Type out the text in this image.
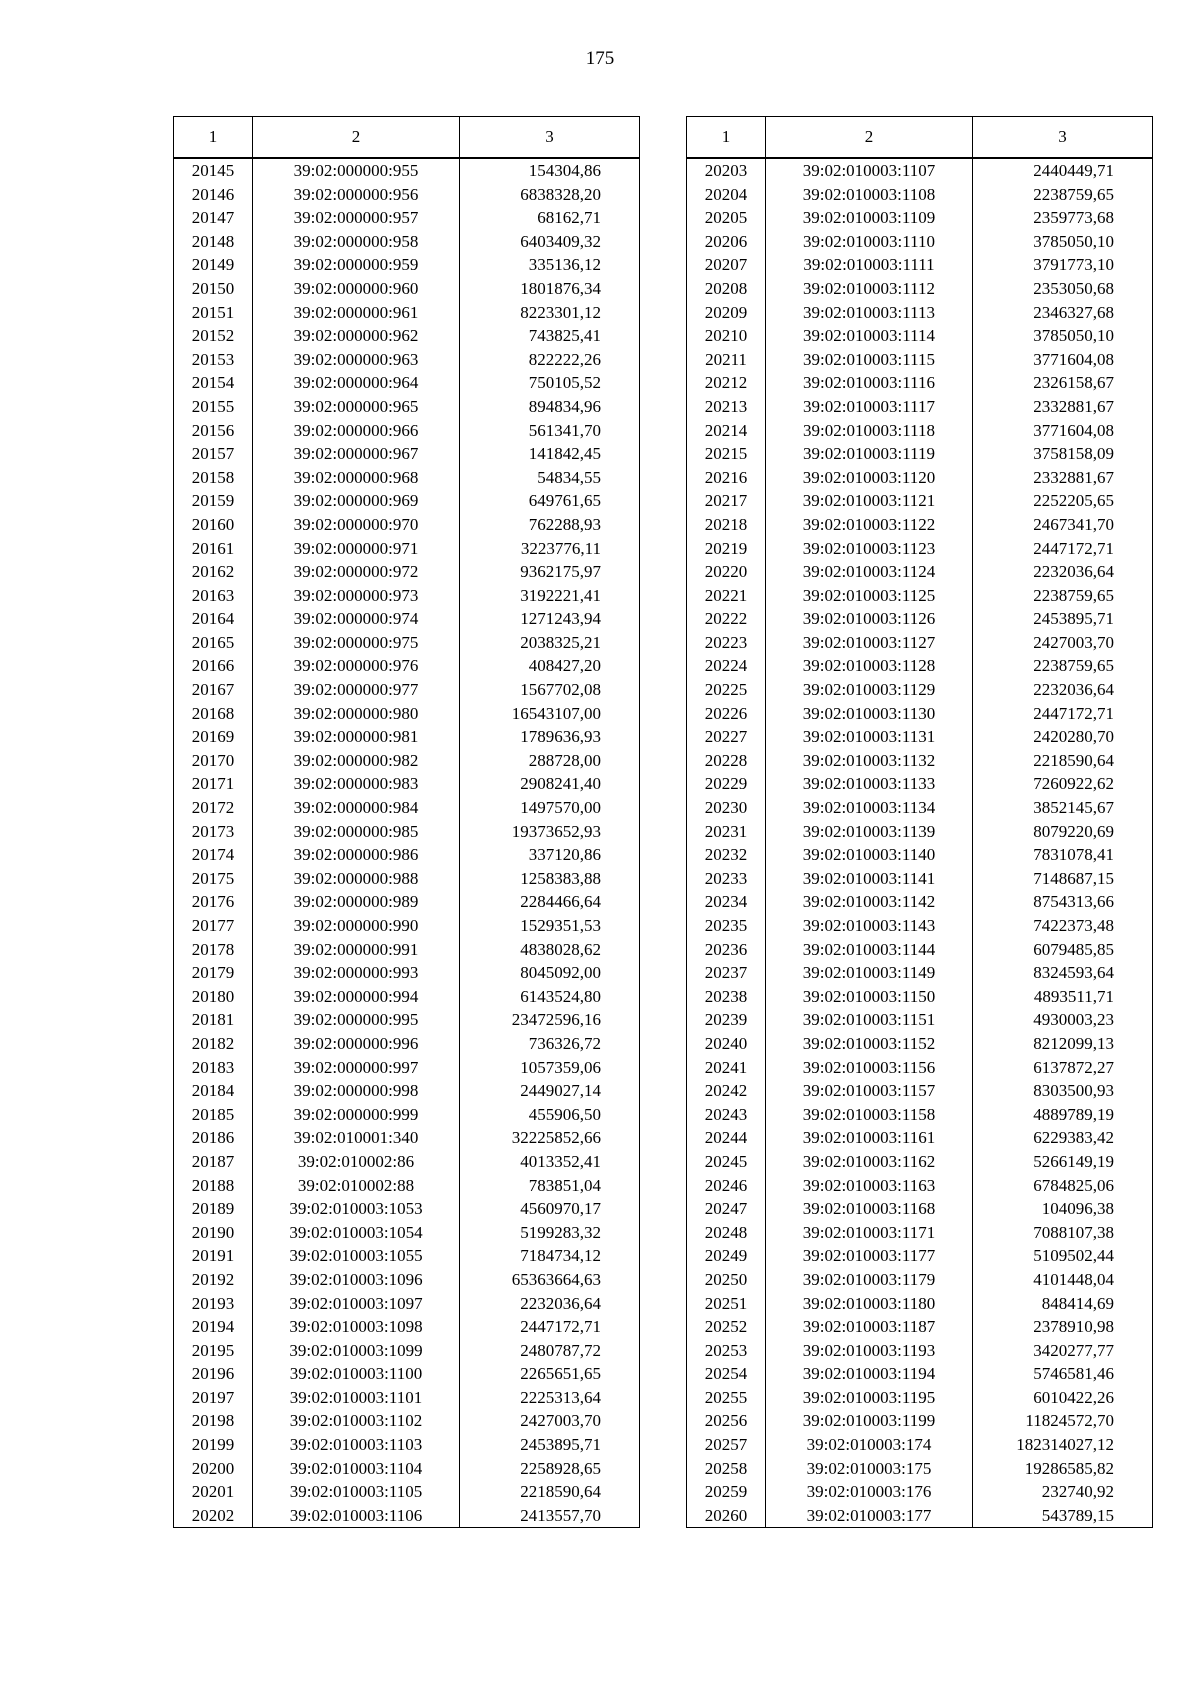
175
1	2	3
20145	39:02:000000:955	154304,86
20146	39:02:000000:956	6838328,20
20147	39:02:000000:957	68162,71
20148	39:02:000000:958	6403409,32
20149	39:02:000000:959	335136,12
20150	39:02:000000:960	1801876,34
20151	39:02:000000:961	8223301,12
20152	39:02:000000:962	743825,41
20153	39:02:000000:963	822222,26
20154	39:02:000000:964	750105,52
20155	39:02:000000:965	894834,96
20156	39:02:000000:966	561341,70
20157	39:02:000000:967	141842,45
20158	39:02:000000:968	54834,55
20159	39:02:000000:969	649761,65
20160	39:02:000000:970	762288,93
20161	39:02:000000:971	3223776,11
20162	39:02:000000:972	9362175,97
20163	39:02:000000:973	3192221,41
20164	39:02:000000:974	1271243,94
20165	39:02:000000:975	2038325,21
20166	39:02:000000:976	408427,20
20167	39:02:000000:977	1567702,08
20168	39:02:000000:980	16543107,00
20169	39:02:000000:981	1789636,93
20170	39:02:000000:982	288728,00
20171	39:02:000000:983	2908241,40
20172	39:02:000000:984	1497570,00
20173	39:02:000000:985	19373652,93
20174	39:02:000000:986	337120,86
20175	39:02:000000:988	1258383,88
20176	39:02:000000:989	2284466,64
20177	39:02:000000:990	1529351,53
20178	39:02:000000:991	4838028,62
20179	39:02:000000:993	8045092,00
20180	39:02:000000:994	6143524,80
20181	39:02:000000:995	23472596,16
20182	39:02:000000:996	736326,72
20183	39:02:000000:997	1057359,06
20184	39:02:000000:998	2449027,14
20185	39:02:000000:999	455906,50
20186	39:02:010001:340	32225852,66
20187	39:02:010002:86	4013352,41
20188	39:02:010002:88	783851,04
20189	39:02:010003:1053	4560970,17
20190	39:02:010003:1054	5199283,32
20191	39:02:010003:1055	7184734,12
20192	39:02:010003:1096	65363664,63
20193	39:02:010003:1097	2232036,64
20194	39:02:010003:1098	2447172,71
20195	39:02:010003:1099	2480787,72
20196	39:02:010003:1100	2265651,65
20197	39:02:010003:1101	2225313,64
20198	39:02:010003:1102	2427003,70
20199	39:02:010003:1103	2453895,71
20200	39:02:010003:1104	2258928,65
20201	39:02:010003:1105	2218590,64
20202	39:02:010003:1106	2413557,70
1	2	3
20203	39:02:010003:1107	2440449,71
20204	39:02:010003:1108	2238759,65
20205	39:02:010003:1109	2359773,68
20206	39:02:010003:1110	3785050,10
20207	39:02:010003:1111	3791773,10
20208	39:02:010003:1112	2353050,68
20209	39:02:010003:1113	2346327,68
20210	39:02:010003:1114	3785050,10
20211	39:02:010003:1115	3771604,08
20212	39:02:010003:1116	2326158,67
20213	39:02:010003:1117	2332881,67
20214	39:02:010003:1118	3771604,08
20215	39:02:010003:1119	3758158,09
20216	39:02:010003:1120	2332881,67
20217	39:02:010003:1121	2252205,65
20218	39:02:010003:1122	2467341,70
20219	39:02:010003:1123	2447172,71
20220	39:02:010003:1124	2232036,64
20221	39:02:010003:1125	2238759,65
20222	39:02:010003:1126	2453895,71
20223	39:02:010003:1127	2427003,70
20224	39:02:010003:1128	2238759,65
20225	39:02:010003:1129	2232036,64
20226	39:02:010003:1130	2447172,71
20227	39:02:010003:1131	2420280,70
20228	39:02:010003:1132	2218590,64
20229	39:02:010003:1133	7260922,62
20230	39:02:010003:1134	3852145,67
20231	39:02:010003:1139	8079220,69
20232	39:02:010003:1140	7831078,41
20233	39:02:010003:1141	7148687,15
20234	39:02:010003:1142	8754313,66
20235	39:02:010003:1143	7422373,48
20236	39:02:010003:1144	6079485,85
20237	39:02:010003:1149	8324593,64
20238	39:02:010003:1150	4893511,71
20239	39:02:010003:1151	4930003,23
20240	39:02:010003:1152	8212099,13
20241	39:02:010003:1156	6137872,27
20242	39:02:010003:1157	8303500,93
20243	39:02:010003:1158	4889789,19
20244	39:02:010003:1161	6229383,42
20245	39:02:010003:1162	5266149,19
20246	39:02:010003:1163	6784825,06
20247	39:02:010003:1168	104096,38
20248	39:02:010003:1171	7088107,38
20249	39:02:010003:1177	5109502,44
20250	39:02:010003:1179	4101448,04
20251	39:02:010003:1180	848414,69
20252	39:02:010003:1187	2378910,98
20253	39:02:010003:1193	3420277,77
20254	39:02:010003:1194	5746581,46
20255	39:02:010003:1195	6010422,26
20256	39:02:010003:1199	11824572,70
20257	39:02:010003:174	182314027,12
20258	39:02:010003:175	19286585,82
20259	39:02:010003:176	232740,92
20260	39:02:010003:177	543789,15
